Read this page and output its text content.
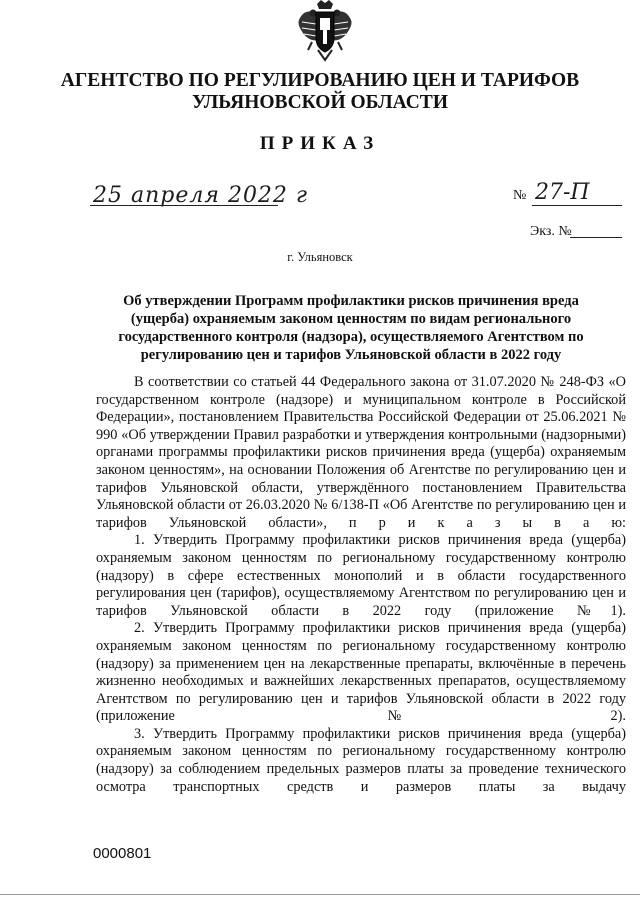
АГЕНТСТВО ПО РЕГУЛИРОВАНИЮ ЦЕН И ТАРИФОВ
УЛЬЯНОВСКОЙ ОБЛАСТИ
ПРИКАЗ
25 апреля 2022 г	№ 27-П
Экз. №
г. Ульяновск
Об утверждении Программ профилактики рисков причинения вреда (ущерба) охраняемым законом ценностям по видам регионального государственного контроля (надзора), осуществляемого Агентством по регулированию цен и тарифов Ульяновской области в 2022 году

В соответствии со статьей 44 Федерального закона от 31.07.2020 № 248-ФЗ «О государственном контроле (надзоре) и муниципальном контроле в Российской Федерации», постановлением Правительства Российской Федерации от 25.06.2021 № 990 «Об утверждении Правил разработки и утверждения контрольными (надзорными) органами программы профилактики рисков причинения вреда (ущерба) охраняемым законом ценностям», на основании Положения об Агентстве по регулированию цен и тарифов Ульяновской области, утверждённого постановлением Правительства Ульяновской области от 26.03.2020 № 6/138-П «Об Агентстве по регулированию цен и тарифов Ульяновской области», п р и к а з ы в а ю:

1. Утвердить Программу профилактики рисков причинения вреда (ущерба) охраняемым законом ценностям по региональному государственному контролю (надзору) в сфере естественных монополий и в области государственного регулирования цен (тарифов), осуществляемому Агентством по регулированию цен и тарифов Ульяновской области в 2022 году (приложение №1).

2. Утвердить Программу профилактики рисков причинения вреда (ущерба) охраняемым законом ценностям по региональному государственному контролю (надзору) за применением цен на лекарственные препараты, включённые в перечень жизненно необходимых и важнейших лекарственных препаратов, осуществляемому Агентством по регулированию цен и тарифов Ульяновской области в 2022 году (приложение №2).

3. Утвердить Программу профилактики рисков причинения вреда (ущерба) охраняемым законом ценностям по региональному государственному контролю (надзору) за соблюдением предельных размеров платы за проведение технического осмотра транспортных средств и размеров платы за выдачу

0000801
